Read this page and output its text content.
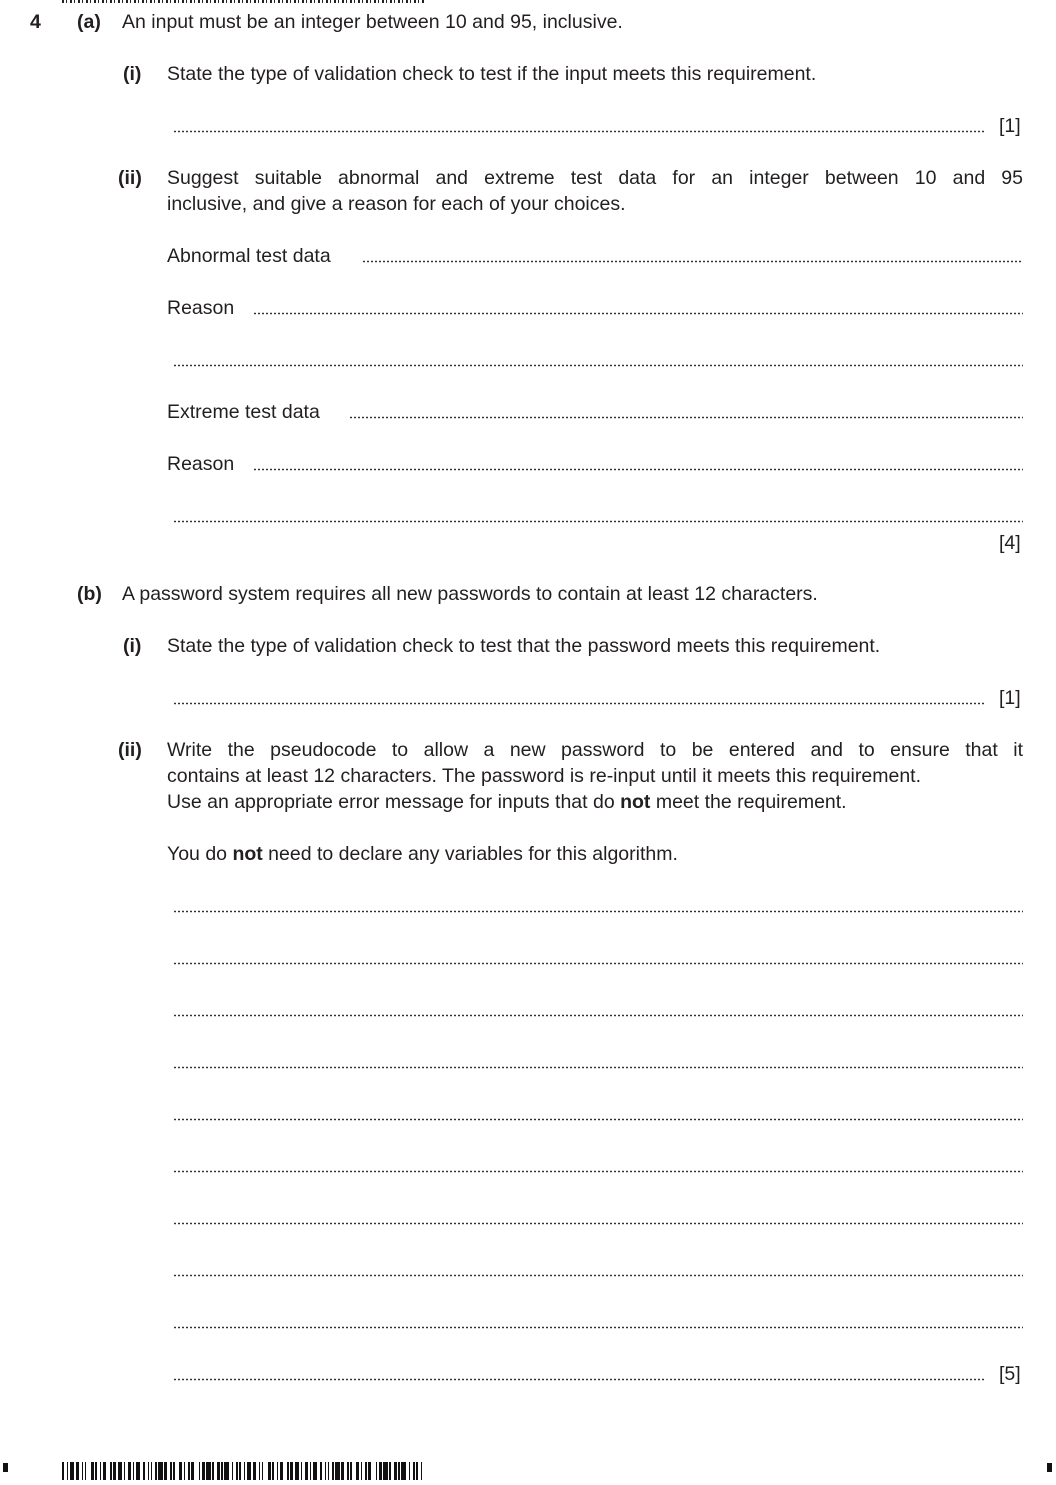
4 (a) An input must be an integer between 10 and 95, inclusive.
(i) State the type of validation check to test if the input meets this requirement.
[1]
(ii) Suggest suitable abnormal and extreme test data for an integer between 10 and 95
inclusive, and give a reason for each of your choices.
Abnormal test data
Reason
Extreme test data
Reason
[4]
(b) A password system requires all new passwords to contain at least 12 characters.
(i) State the type of validation check to test that the password meets this requirement.
[1]
(ii) Write the pseudocode to allow a new password to be entered and to ensure that it
contains at least 12 characters. The password is re-input until it meets this requirement.
Use an appropriate error message for inputs that do not meet the requirement.
You do not need to declare any variables for this algorithm.
[5]
